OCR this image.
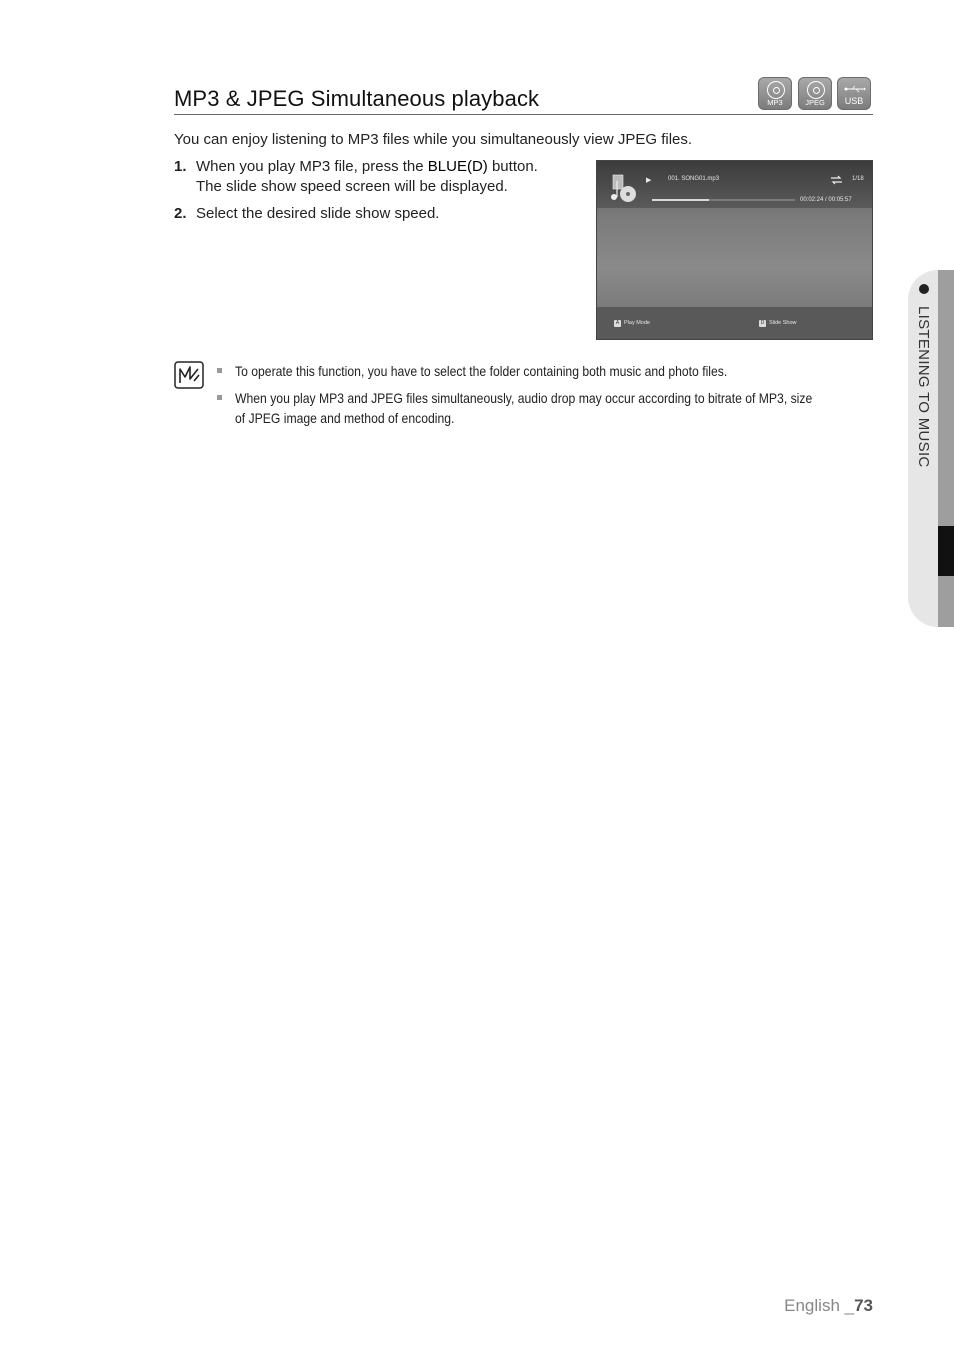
MP3 & JPEG Simultaneous playback	MP3	JPEG	USB
You can enjoy listening to MP3 files while you simultaneously view JPEG files.
1. When you play MP3 file, press the BLUE(D) button.
The slide show speed screen will be displayed.
2. Select the desired slide show speed.
▶	001. SONG01.mp3	1/18
00:02:24 / 00:05:57
A Play Mode	D Slide Show
To operate this function, you have to select the folder containing both music and photo files.
When you play MP3 and JPEG files simultaneously, audio drop may occur according to bitrate of MP3, size
of JPEG image and method of encoding.	LISTENING TO MUSIC
English _73
